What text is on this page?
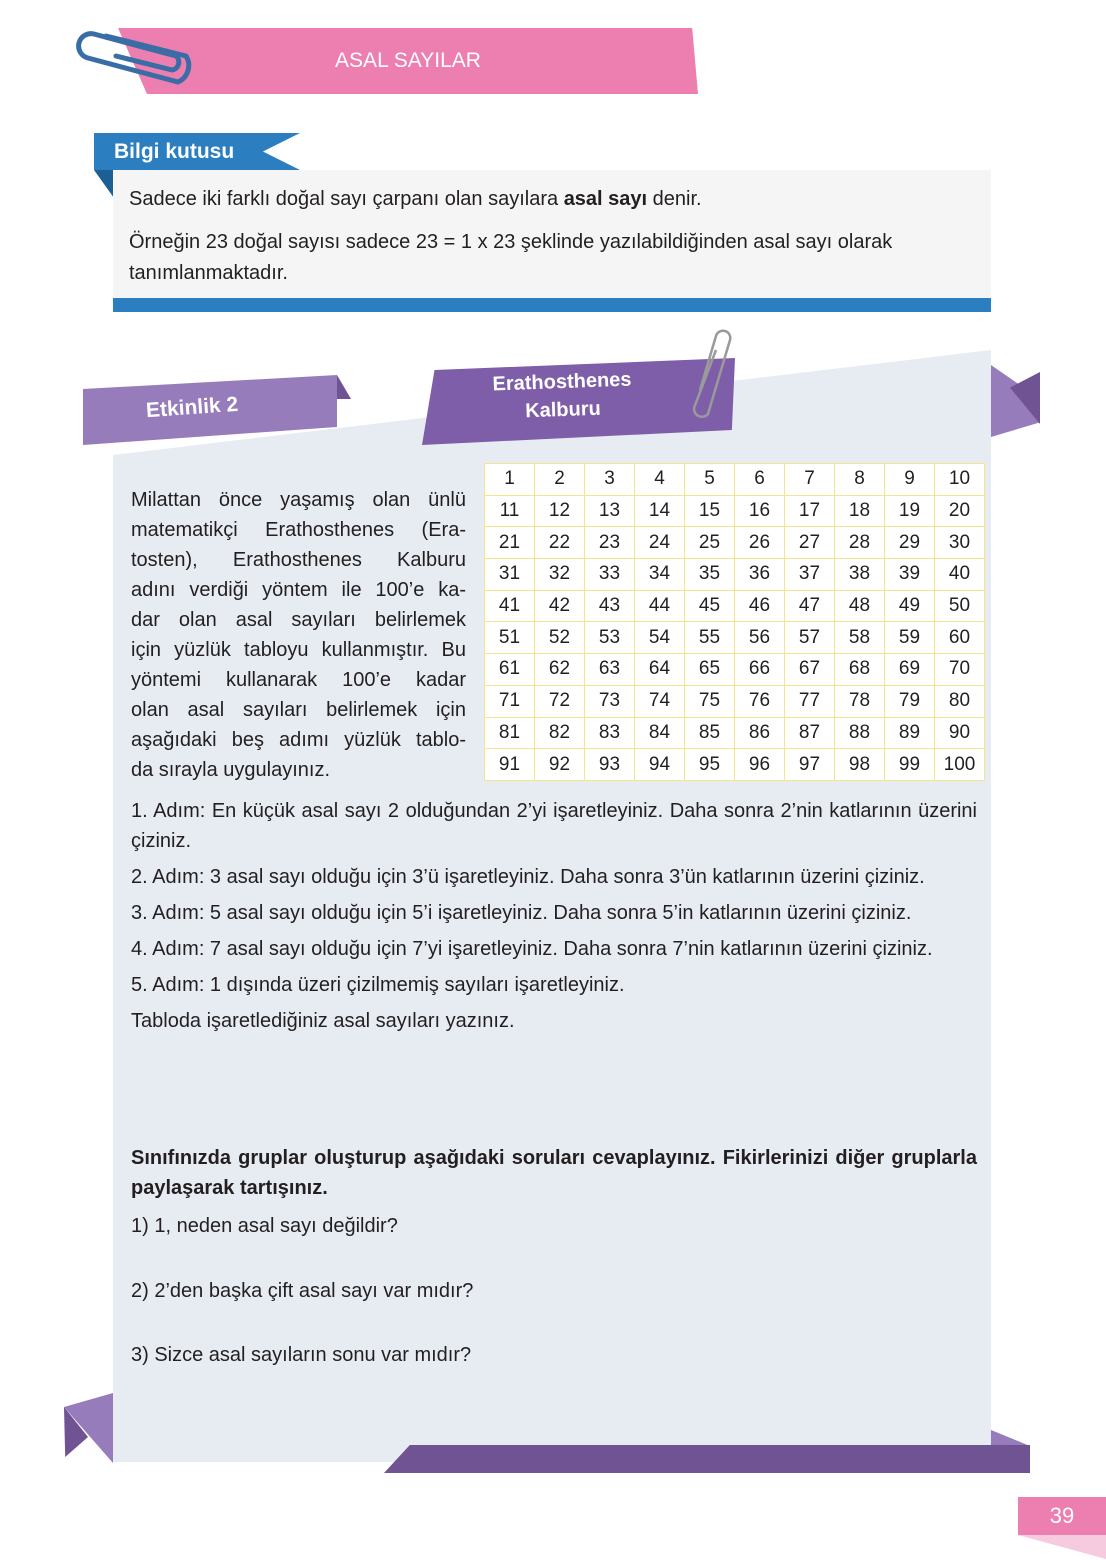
ASAL SAYILAR
Bilgi kutusu

Sadece iki farklı doğal sayı çarpanı olan sayılara asal sayı denir.

Örneğin 23 doğal sayısı sadece 23 = 1 x 23 şeklinde yazılabildiğinden asal sayı olarak tanımlanmaktadır.

Etkinlik 2
Erathosthenes
Kalburu
Milattan önce yaşamış olan ünlü
matematikçi Erathosthenes (Era-
tosten), Erathosthenes Kalburu
adını verdiği yöntem ile 100’e ka-
dar olan asal sayıları belirlemek
için yüzlük tabloyu kullanmıştır. Bu
yöntemi kullanarak 100’e kadar
olan asal sayıları belirlemek için
aşağıdaki beş adımı yüzlük tablo-
da sırayla uygulayınız.
1	2	3	4	5	6	7	8	9	10
11	12	13	14	15	16	17	18	19	20
21	22	23	24	25	26	27	28	29	30
31	32	33	34	35	36	37	38	39	40
41	42	43	44	45	46	47	48	49	50
51	52	53	54	55	56	57	58	59	60
61	62	63	64	65	66	67	68	69	70
71	72	73	74	75	76	77	78	79	80
81	82	83	84	85	86	87	88	89	90
91	92	93	94	95	96	97	98	99	100

1. Adım: En küçük asal sayı 2 olduğundan 2’yi işaretleyiniz. Daha sonra 2’nin katlarının üzerini çiziniz.

2. Adım: 3 asal sayı olduğu için 3’ü işaretleyiniz. Daha sonra 3’ün katlarının üzerini çiziniz.

3. Adım: 5 asal sayı olduğu için 5’i işaretleyiniz. Daha sonra 5’in katlarının üzerini çiziniz.

4. Adım: 7 asal sayı olduğu için 7’yi işaretleyiniz. Daha sonra 7’nin katlarının üzerini çiziniz.

5. Adım: 1 dışında üzeri çizilmemiş sayıları işaretleyiniz.

Tabloda işaretlediğiniz asal sayıları yazınız.

Sınıfınızda gruplar oluşturup aşağıdaki soruları cevaplayınız. Fikirlerinizi diğer gruplarla paylaşarak tartışınız.

1) 1, neden asal sayı değildir?
2) 2’den başka çift asal sayı var mıdır?
3) Sizce asal sayıların sonu var mıdır?
39
